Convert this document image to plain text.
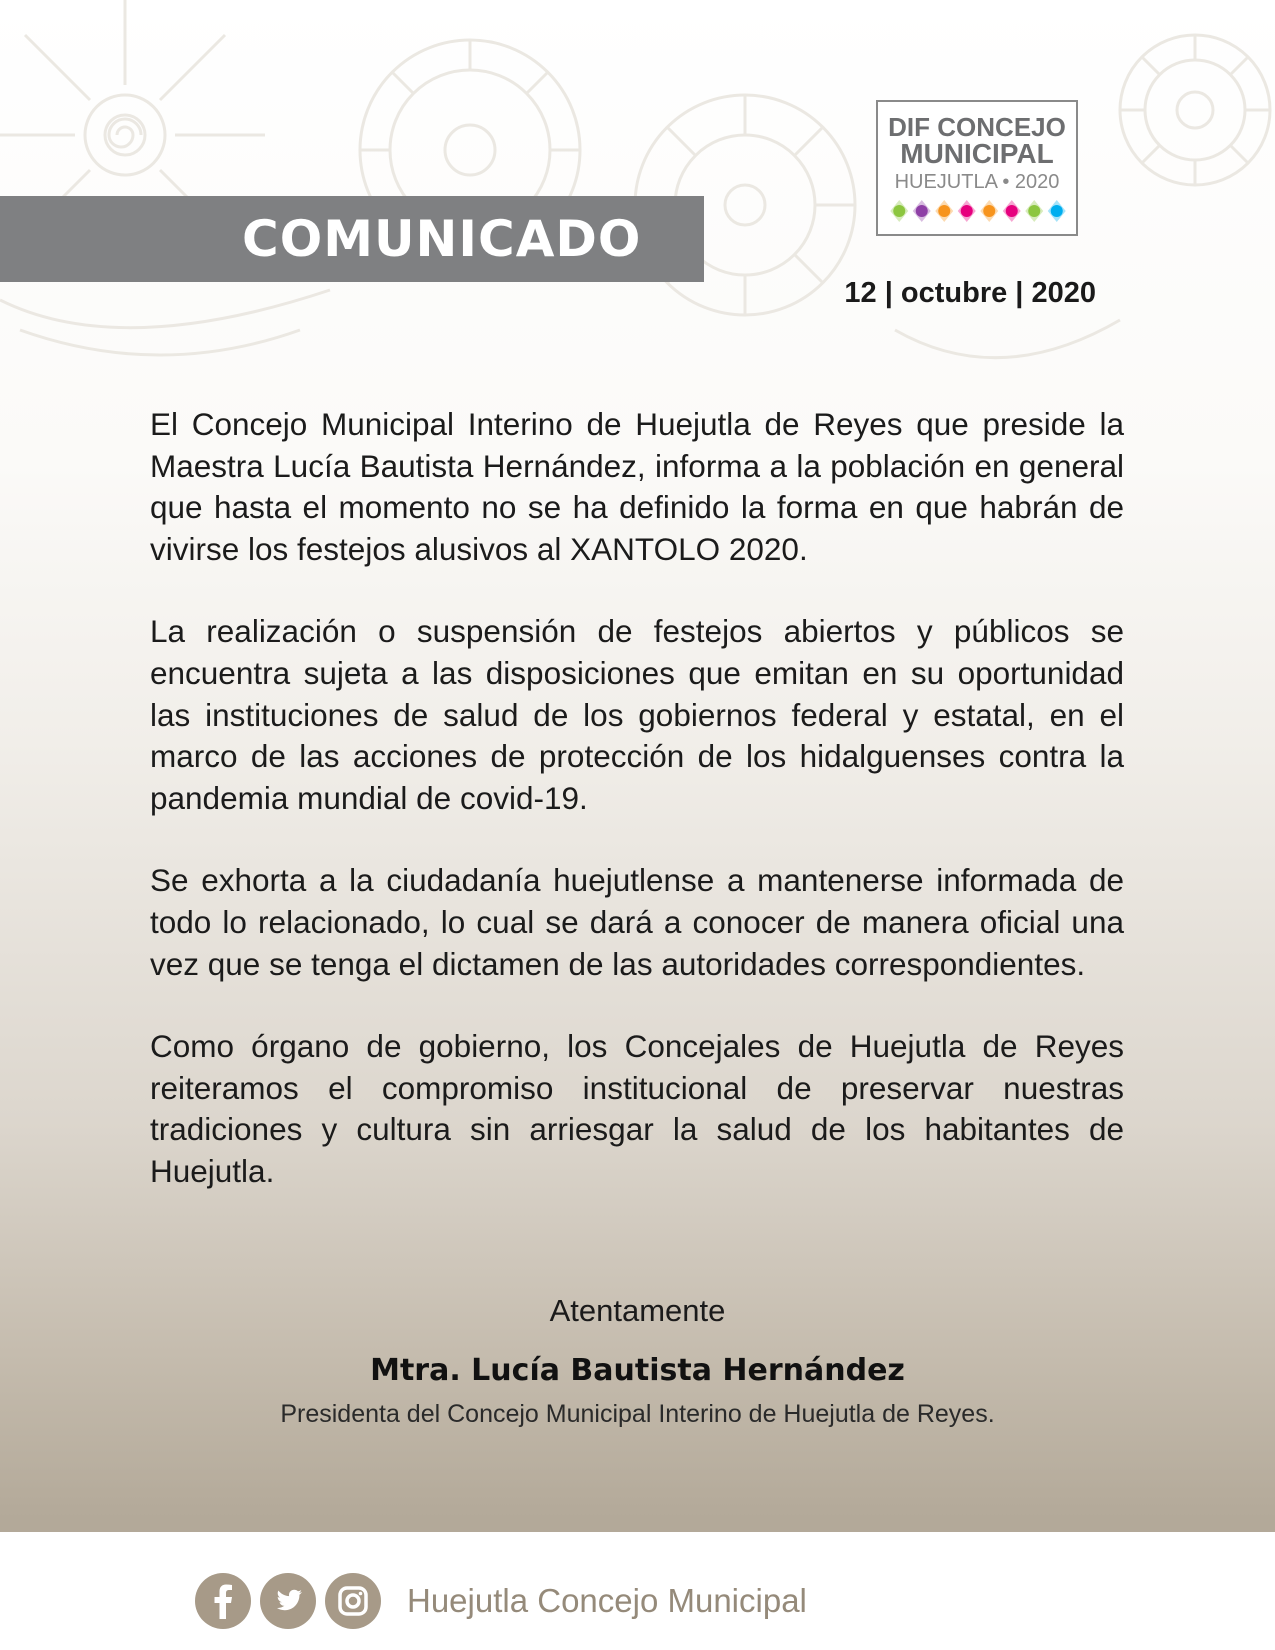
COMUNICADO
DIF CONCEJO
MUNICIPAL
HUEJUTLA • 2020
12 | octubre | 2020

El Concejo Municipal Interino de Huejutla de Reyes que preside la Maestra Lucía Bautista Hernández, informa a la población en general que hasta el momento no se ha definido la forma en que habrán de vivirse los festejos alusivos al XANTOLO 2020.

La realización o suspensión de festejos abiertos y públicos se encuentra sujeta a las disposiciones que emitan en su oportunidad las instituciones de salud de los gobiernos federal y estatal, en el marco de las acciones de protección de los hidalguenses contra la pandemia mundial de covid-19.

Se exhorta a la ciudadanía huejutlense a mantenerse informada de todo lo relacionado, lo cual se dará a conocer de manera oficial una vez que se tenga el dictamen de las autoridades correspondientes.

Como órgano de gobierno, los Concejales de Huejutla de Reyes reiteramos el compromiso institucional de preservar nuestras tradiciones y cultura sin arriesgar la salud de los habitantes de Huejutla.

Atentamente
Mtra. Lucía Bautista Hernández
Presidenta del Concejo Municipal Interino de Huejutla de Reyes.
Huejutla Concejo Municipal
